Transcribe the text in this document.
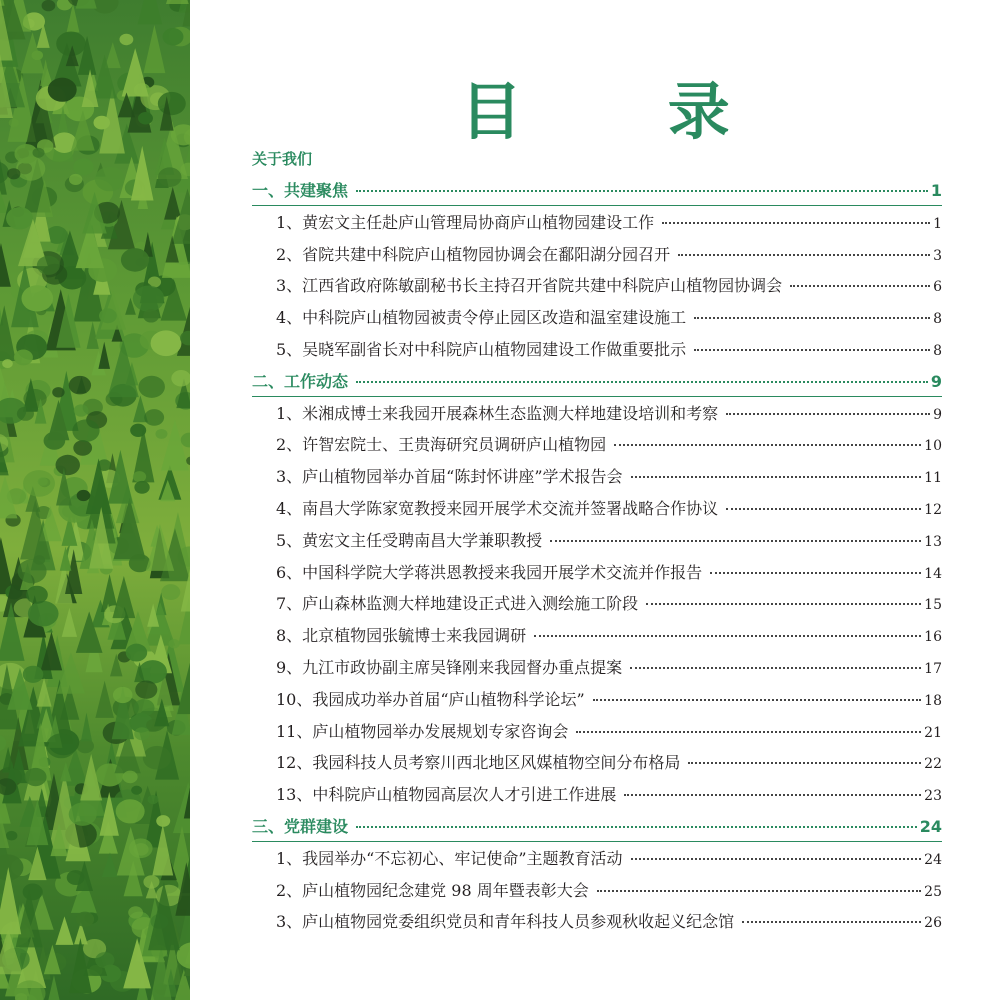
目 录
关于我们
一、共建聚焦	1
1、黄宏文主任赴庐山管理局协商庐山植物园建设工作	1
2、省院共建中科院庐山植物园协调会在鄱阳湖分园召开	3
3、江西省政府陈敏副秘书长主持召开省院共建中科院庐山植物园协调会	6
4、中科院庐山植物园被责令停止园区改造和温室建设施工	8
5、吴晓军副省长对中科院庐山植物园建设工作做重要批示	8
二、工作动态	9
1、米湘成博士来我园开展森林生态监测大样地建设培训和考察	9
2、许智宏院士、王贵海研究员调研庐山植物园	10
3、庐山植物园举办首届“陈封怀讲座”学术报告会	11
4、南昌大学陈家宽教授来园开展学术交流并签署战略合作协议	12
5、黄宏文主任受聘南昌大学兼职教授	13
6、中国科学院大学蒋洪恩教授来我园开展学术交流并作报告	14
7、庐山森林监测大样地建设正式进入测绘施工阶段	15
8、北京植物园张毓博士来我园调研	16
9、九江市政协副主席吴锋刚来我园督办重点提案	17
10、我园成功举办首届“庐山植物科学论坛”	18
11、庐山植物园举办发展规划专家咨询会	21
12、我园科技人员考察川西北地区风媒植物空间分布格局	22
13、中科院庐山植物园高层次人才引进工作进展	23
三、党群建设	24
1、我园举办“不忘初心、牢记使命”主题教育活动	24
2、庐山植物园纪念建党 98 周年暨表彰大会	25
3、庐山植物园党委组织党员和青年科技人员参观秋收起义纪念馆	26
